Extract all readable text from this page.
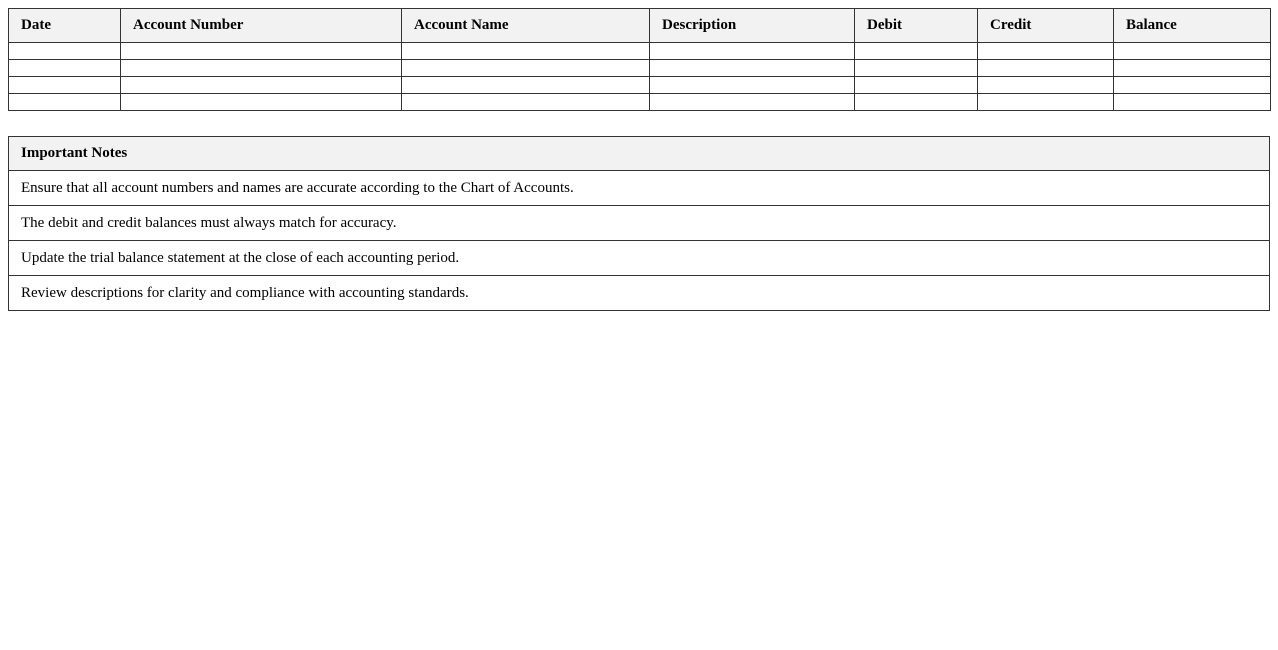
Date	Account Number	Account Name	Description	Debit	Credit	Balance

Important Notes
Ensure that all account numbers and names are accurate according to the Chart of Accounts.
The debit and credit balances must always match for accuracy.
Update the trial balance statement at the close of each accounting period.
Review descriptions for clarity and compliance with accounting standards.
